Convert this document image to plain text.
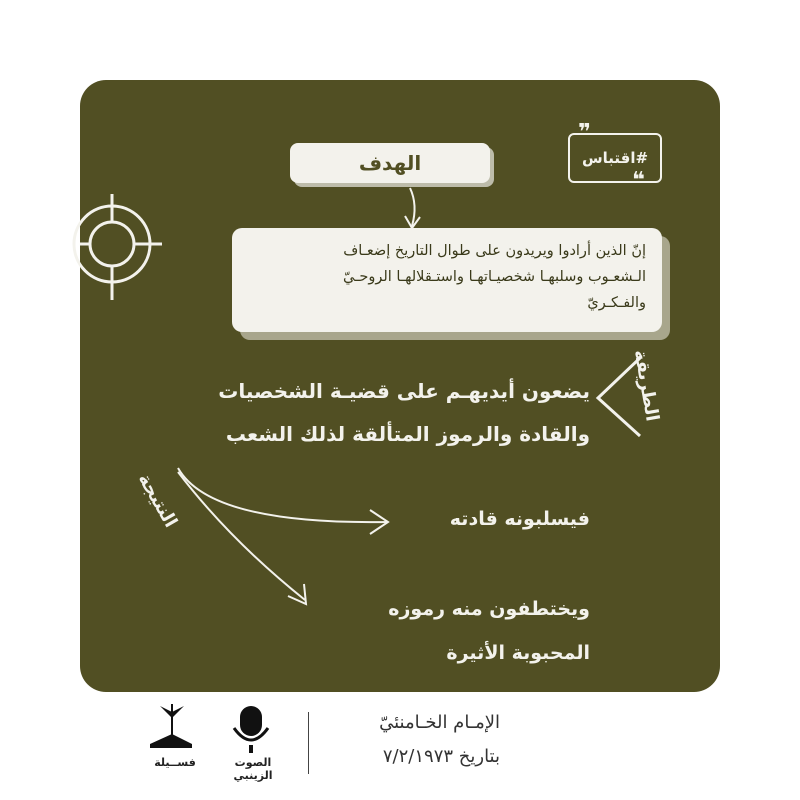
الهدف	#اقتباس
❞
❝

إنّ الذين أرادوا ويريدون على طوال التاريخ إضعـاف

الـشعـوب وسلبهـا شخصيـاتهـا واستـقلالهـا الروحـيّ

والفـكـريّ

الطريقة
يضعون أيديهـم على قضيـة الشخصيات
والقادة والرموز المتألقة لذلك الشعب
النتيجة	فيسلبونه قادته
ويختطفون منه رموزه
المحبوبة الأثيرة
الإمـام الخـامنئيّ
بتاريخ ٧/٢/١٩٧٣
الصوت الزينبي
فســيلة
